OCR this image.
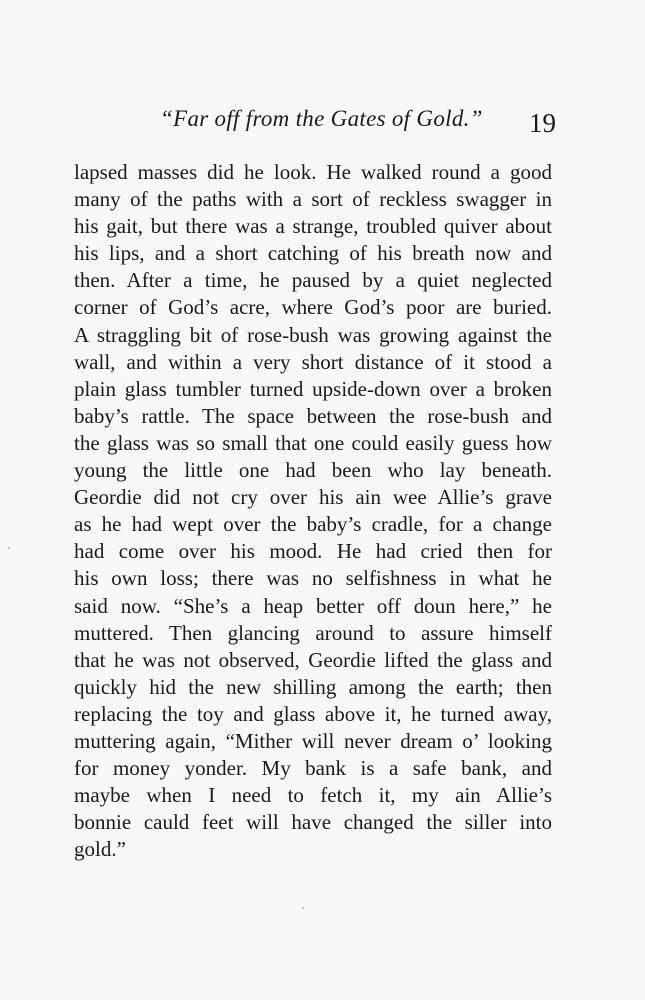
“Far off from the Gates of Gold.” 19
lapsed masses did he look. He walked round a good
many of the paths with a sort of reckless swagger in
his gait, but there was a strange, troubled quiver about
his lips, and a short catching of his breath now and
then. After a time, he paused by a quiet neglected
corner of God’s acre, where God’s poor are buried.
A straggling bit of rose-bush was growing against the
wall, and within a very short distance of it stood a
plain glass tumbler turned upside-down over a broken
baby’s rattle. The space between the rose-bush and
the glass was so small that one could easily guess how
young the little one had been who lay beneath.
Geordie did not cry over his ain wee Allie’s grave
as he had wept over the baby’s cradle, for a change
had come over his mood. He had cried then for
his own loss; there was no selfishness in what he
said now. “She’s a heap better off doun here,” he
muttered. Then glancing around to assure himself
that he was not observed, Geordie lifted the glass and
quickly hid the new shilling among the earth; then
replacing the toy and glass above it, he turned away,
muttering again, “Mither will never dream o’ looking
for money yonder. My bank is a safe bank, and
maybe when I need to fetch it, my ain Allie’s
bonnie cauld feet will have changed the siller into
gold.”
